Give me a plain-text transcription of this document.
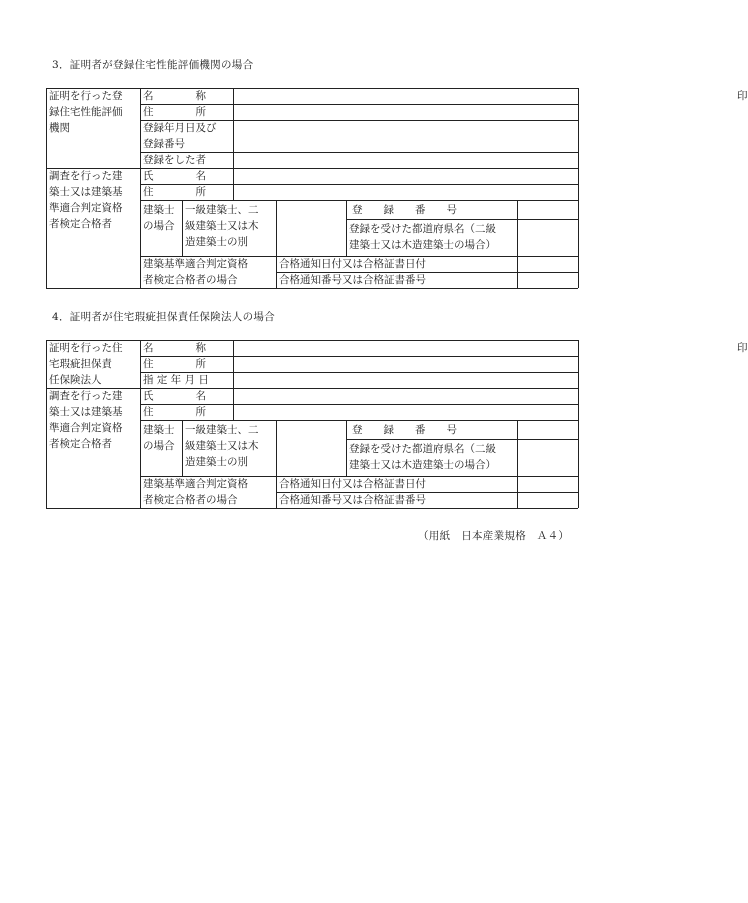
3．証明者が登録住宅性能評価機関の場合
証明を行った登
録住宅性能評価
機関
名　　　　称	印
住　　　　所
登録年月日及び
登録番号
登録をした者
調査を行った建
築士又は建築基
準適合判定資格
者検定合格者
氏　　　　名
住　　　　所
建築士
の場合
一級建築士、二
級建築士又は木
造建築士の別
登　　録　　番　　号
登録を受けた都道府県名（二級
建築士又は木造建築士の場合）
建築基準適合判定資格
者検定合格者の場合
合格通知日付又は合格証書日付
合格通知番号又は合格証書番号
4．証明者が住宅瑕疵担保責任保険法人の場合
証明を行った住
宅瑕疵担保責
任保険法人
名　　　　称	印
住　　　　所
指 定 年 月 日
調査を行った建
築士又は建築基
準適合判定資格
者検定合格者
氏　　　　名
住　　　　所
建築士
の場合
一級建築士、二
級建築士又は木
造建築士の別
登　　録　　番　　号
登録を受けた都道府県名（二級
建築士又は木造建築士の場合）
建築基準適合判定資格
者検定合格者の場合
合格通知日付又は合格証書日付
合格通知番号又は合格証書番号
（用紙　日本産業規格　Ａ４）
